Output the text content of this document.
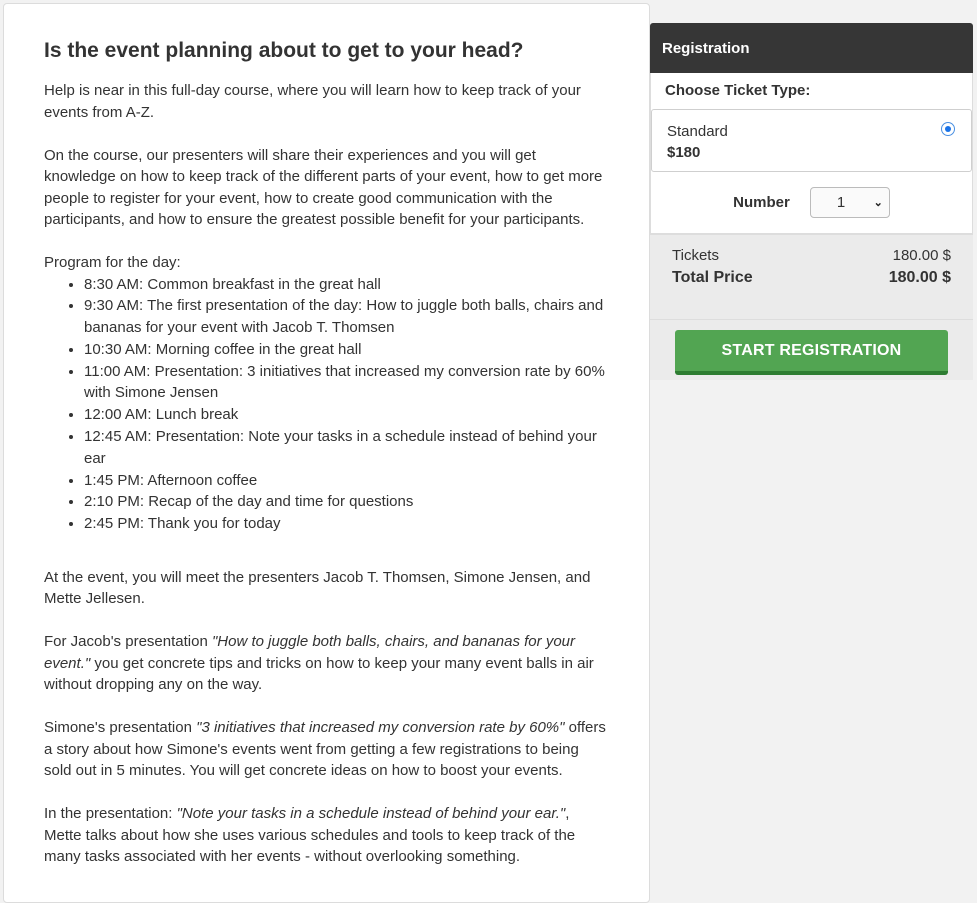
Is the event planning about to get to your head?

Help is near in this full-day course, where you will learn how to keep track of your events from A-Z.

On the course, our presenters will share their experiences and you will get knowledge on how to keep track of the different parts of your event, how to get more people to register for your event, how to create good communication with the participants, and how to ensure the greatest possible benefit for your participants.

Program for the day:

• 8:30 AM: Common breakfast in the great hall
• 9:30 AM: The first presentation of the day: How to juggle both balls, chairs and bananas for your event with Jacob T. Thomsen
• 10:30 AM: Morning coffee in the great hall
• 11:00 AM: Presentation: 3 initiatives that increased my conversion rate by 60% with Simone Jensen
• 12:00 AM: Lunch break
• 12:45 AM: Presentation: Note your tasks in a schedule instead of behind your ear
• 1:45 PM: Afternoon coffee
• 2:10 PM: Recap of the day and time for questions
• 2:45 PM: Thank you for today

At the event, you will meet the presenters Jacob T. Thomsen, Simone Jensen, and Mette Jellesen.

For Jacob's presentation "How to juggle both balls, chairs, and bananas for your event." you get concrete tips and tricks on how to keep your many event balls in air without dropping any on the way.

Simone's presentation "3 initiatives that increased my conversion rate by 60%" offers a story about how Simone's events went from getting a few registrations to being sold out in 5 minutes. You will get concrete ideas on how to boost your events.

In the presentation: "Note your tasks in a schedule instead of behind your ear.", Mette talks about how she uses various schedules and tools to keep track of the many tasks associated with her events - without overlooking something.

Registration
Choose Ticket Type:
Standard
$180
Number	1	⌄
Tickets	180.00 $
Total Price	180.00 $
START REGISTRATION
